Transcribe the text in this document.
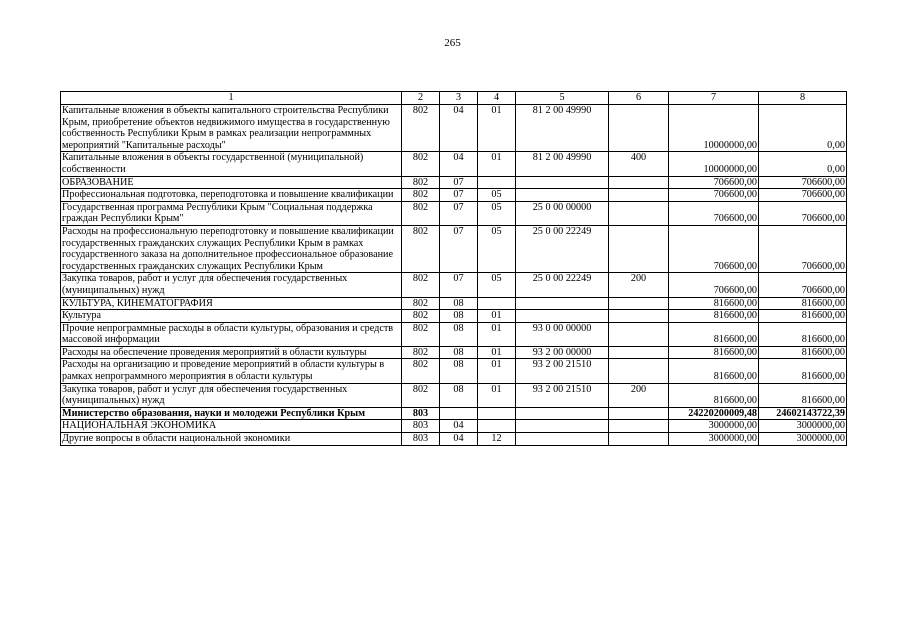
265
1	2	3	4	5	6	7	8
Капитальные вложения в объекты капитального строительства Республики Крым, приобретение объектов недвижимого имущества в государственную собственность Республики Крым в рамках реализации непрограммных мероприятий "Капитальные расходы"	802	04	01	81 2 00 49990		10000000,00	0,00
Капитальные вложения в объекты государственной (муниципальной) собственности	802	04	01	81 2 00 49990	400	10000000,00	0,00
ОБРАЗОВАНИЕ	802	07				706600,00	706600,00
Профессиональная подготовка, переподготовка и повышение квалификации	802	07	05			706600,00	706600,00
Государственная программа Республики Крым "Социальная поддержка граждан Республики Крым"	802	07	05	25 0 00 00000		706600,00	706600,00
Расходы на профессиональную переподготовку и повышение квалификации государственных гражданских служащих Республики Крым в рамках государственного заказа на дополнительное профессиональное образование государственных гражданских служащих Республики Крым	802	07	05	25 0 00 22249		706600,00	706600,00
Закупка товаров, работ и услуг для обеспечения государственных (муниципальных) нужд	802	07	05	25 0 00 22249	200	706600,00	706600,00
КУЛЬТУРА, КИНЕМАТОГРАФИЯ	802	08				816600,00	816600,00
Культура	802	08	01			816600,00	816600,00
Прочие непрограммные расходы в области культуры, образования и средств массовой информации	802	08	01	93 0 00 00000		816600,00	816600,00
Расходы на обеспечение проведения мероприятий в области культуры	802	08	01	93 2 00 00000		816600,00	816600,00
Расходы на организацию и проведение мероприятий в области культуры в рамках непрограммного мероприятия в области культуры	802	08	01	93 2 00 21510		816600,00	816600,00
Закупка товаров, работ и услуг для обеспечения государственных (муниципальных) нужд	802	08	01	93 2 00 21510	200	816600,00	816600,00
Министерство образования, науки и молодежи Республики Крым	803					24220200009,48	24602143722,39
НАЦИОНАЛЬНАЯ ЭКОНОМИКА	803	04				3000000,00	3000000,00
Другие вопросы в области национальной экономики	803	04	12			3000000,00	3000000,00
